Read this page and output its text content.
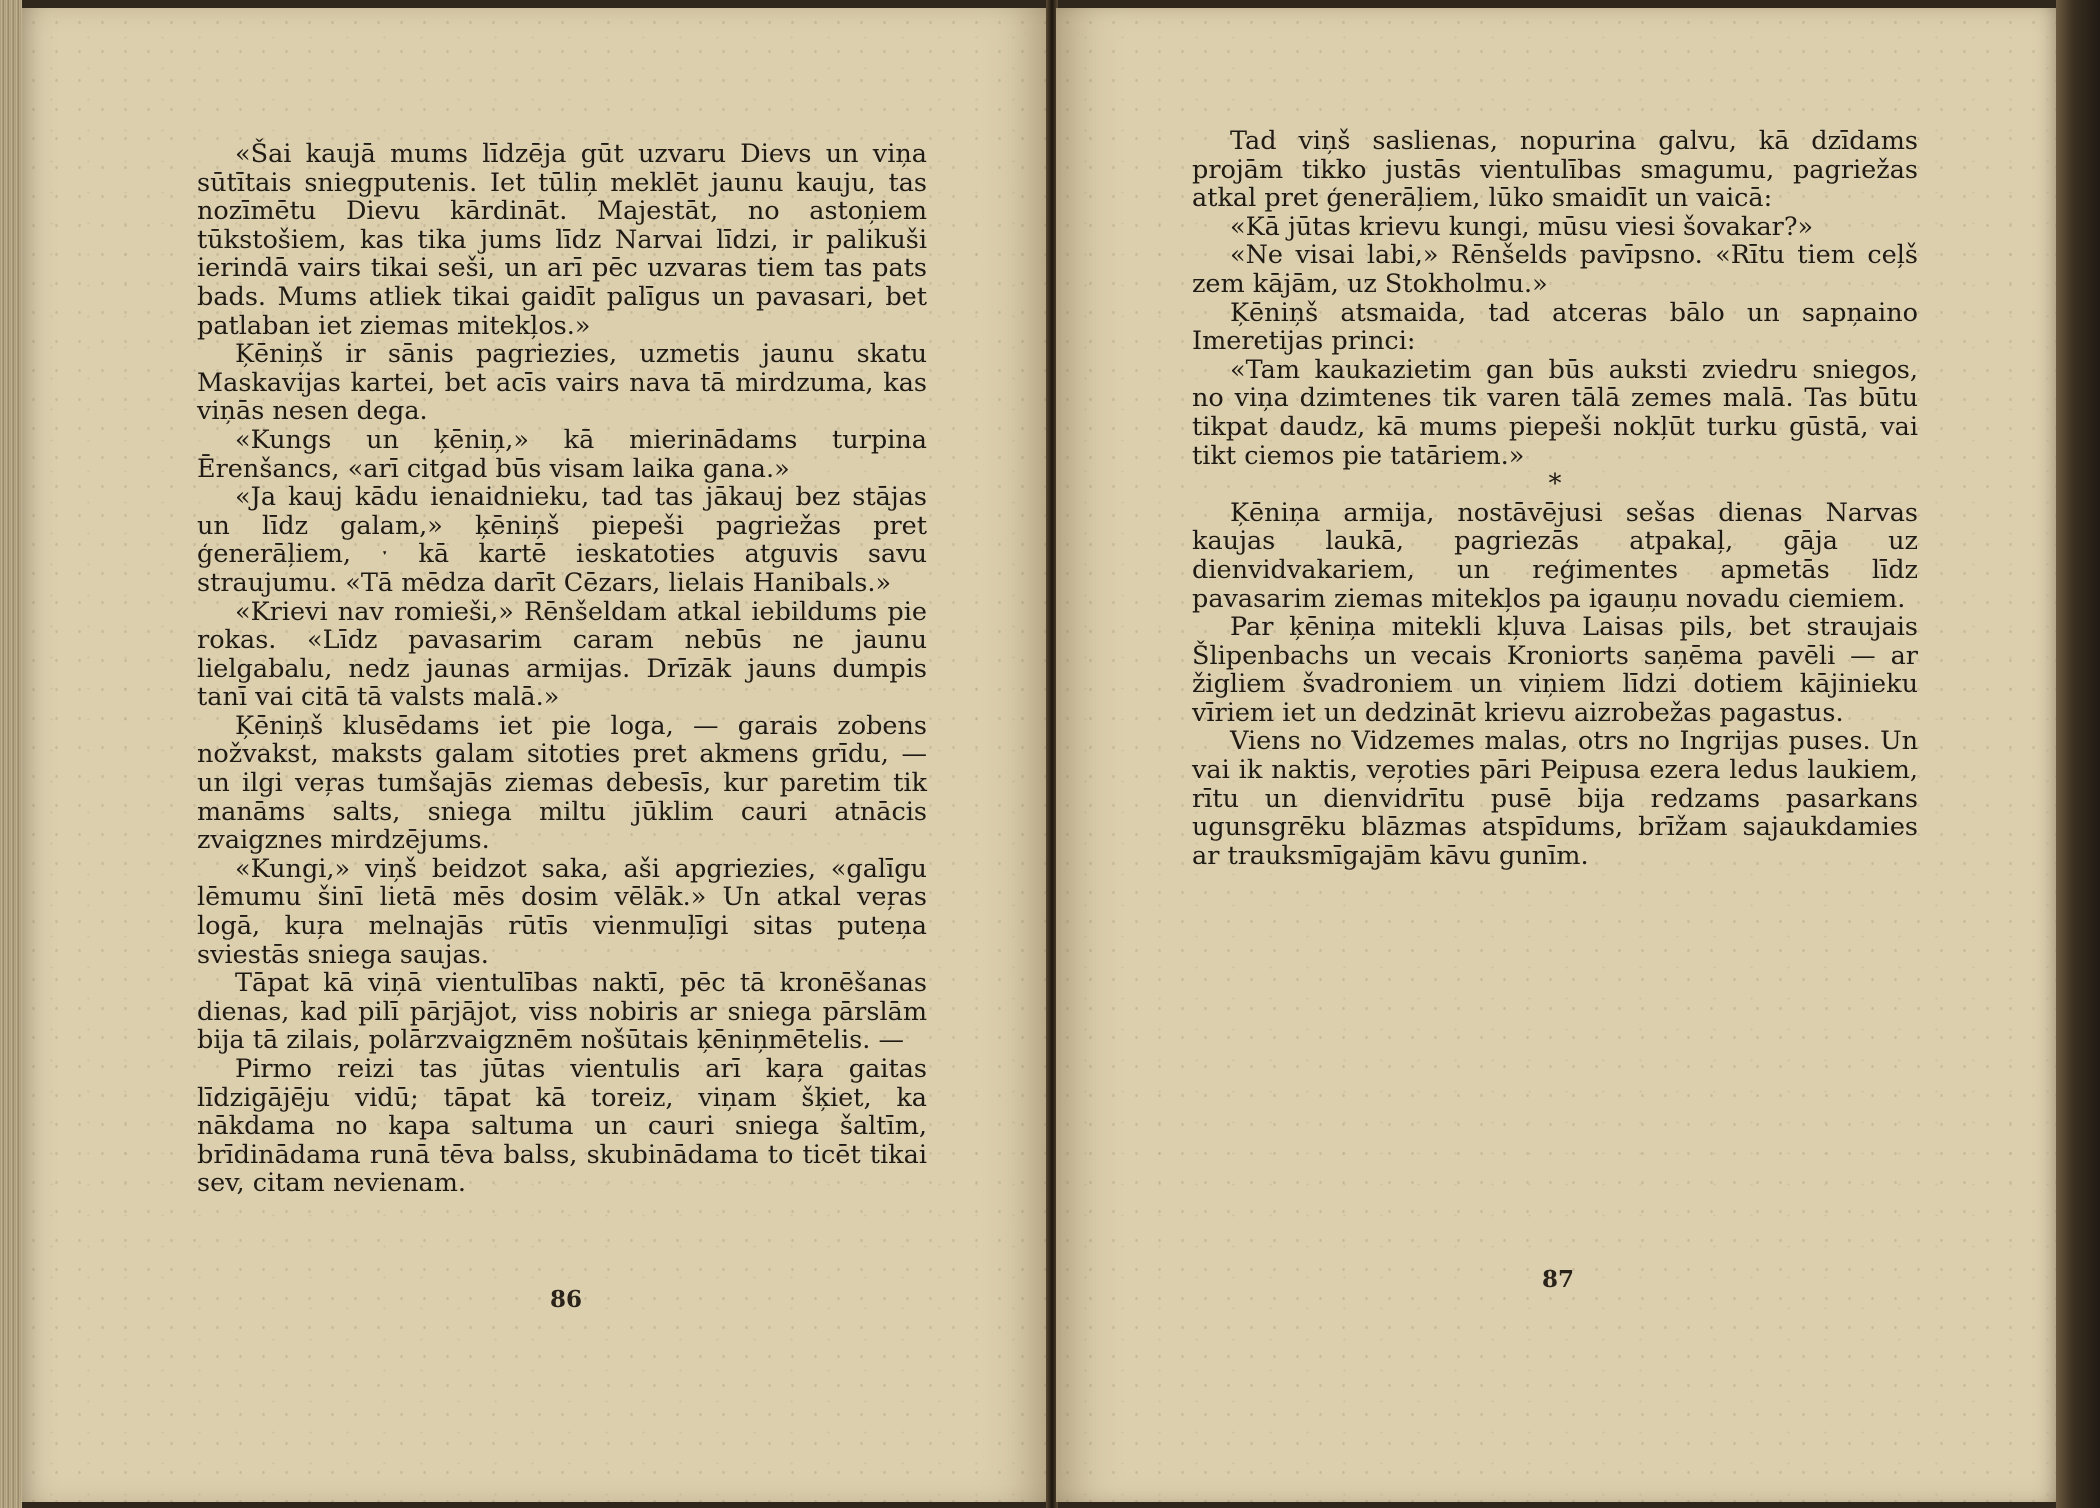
«Šai kaujā mums līdzēja gūt uzvaru Dievs un viņa sūtītais sniegputenis. Iet tūliņ meklēt jaunu kauju, tas nozīmētu Dievu kārdināt. Majestāt, no astoņiem tūkstošiem, kas tika jums līdz Narvai līdzi, ir palikuši ierindā vairs tikai seši, un arī pēc uzvaras tiem tas pats bads. Mums atliek tikai gaidīt palīgus un pavasari, bet patlaban iet ziemas mitekļos.»

Ķēniņš ir sānis pagriezies, uzmetis jaunu skatu Maskavijas kartei, bet acīs vairs nava tā mirdzuma, kas viņās nesen dega.

«Kungs un ķēniņ,» kā mierinādams turpina Ērenšancs, «arī citgad būs visam laika gana.»

«Ja kauj kādu ienaidnieku, tad tas jākauj bez stājas un līdz galam,» ķēniņš piepeši pagriežas pret ģenerāļiem, ˑ kā kartē ieskatoties atguvis savu straujumu. «Tā mēdza darīt Cēzars, lielais Hanibals.»

«Krievi nav romieši,» Rēnšeldam atkal iebildums pie rokas. «Līdz pavasarim caram nebūs ne jaunu lielgabalu, nedz jaunas armijas. Drīzāk jauns dumpis tanī vai citā tā valsts malā.»

Ķēniņš klusēdams iet pie loga, — garais zobens nožvakst, maksts galam sitoties pret akmens grīdu, — un ilgi veŗas tumšajās ziemas debesīs, kur paretim tik manāms salts, sniega miltu jūklim cauri atnācis zvaigznes mirdzējums.

«Kungi,» viņš beidzot saka, aši apgriezies, «galīgu lēmumu šinī lietā mēs dosim vēlāk.» Un atkal veŗas logā, kuŗa melnajās rūtīs vienmuļīgi sitas puteņa sviestās sniega saujas.

Tāpat kā viņā vientulības naktī, pēc tā kronēšanas dienas, kad pilī pārjājot, viss nobiris ar sniega pārslām bija tā zilais, polārzvaigznēm nošūtais ķēniņmētelis. —

Pirmo reizi tas jūtas vientulis arī kaŗa gaitas līdzigājēju vidū; tāpat kā toreiz, viņam šķiet, ka nākdama no kapa saltuma un cauri sniega šaltīm, brīdinādama runā tēva balss, skubinādama to ticēt tikai sev, citam nevienam.

86

Tad viņš saslienas, nopurina galvu, kā dzīdams projām tikko justās vientulības smagumu, pagriežas atkal pret ģenerāļiem, lūko smaidīt un vaicā:

«Kā jūtas krievu kungi, mūsu viesi šovakar?»

«Ne visai labi,» Rēnšelds pavīpsno. «Rītu tiem ceļš zem kājām, uz Stokholmu.»

Ķēniņš atsmaida, tad atceras bālo un sapņaino Imeretijas princi:

«Tam kaukazietim gan būs auksti zviedru sniegos, no viņa dzimtenes tik varen tālā zemes malā. Tas būtu tikpat daudz, kā mums piepeši nokļūt turku gūstā, vai tikt ciemos pie tatāriem.»

*

Ķēniņa armija, nostāvējusi sešas dienas Narvas kaujas laukā, pagriezās atpakaļ, gāja uz dienvidvakariem, un reģimentes apmetās līdz pavasarim ziemas mitekļos pa igauņu novadu ciemiem.

Par ķēniņa mitekli kļuva Laisas pils, bet straujais Šlipenbachs un vecais Kroniorts saņēma pavēli — ar žigliem švadroniem un viņiem līdzi dotiem kājinieku vīriem iet un dedzināt krievu aizrobežas pagastus.

Viens no Vidzemes malas, otrs no Ingrijas puses. Un vai ik naktis, veŗoties pāri Peipusa ezera ledus laukiem, rītu un dienvidrītu pusē bija redzams pasarkans ugunsgrēku blāzmas atspīdums, brīžam sajaukdamies ar trauksmīgajām kāvu gunīm.

87
